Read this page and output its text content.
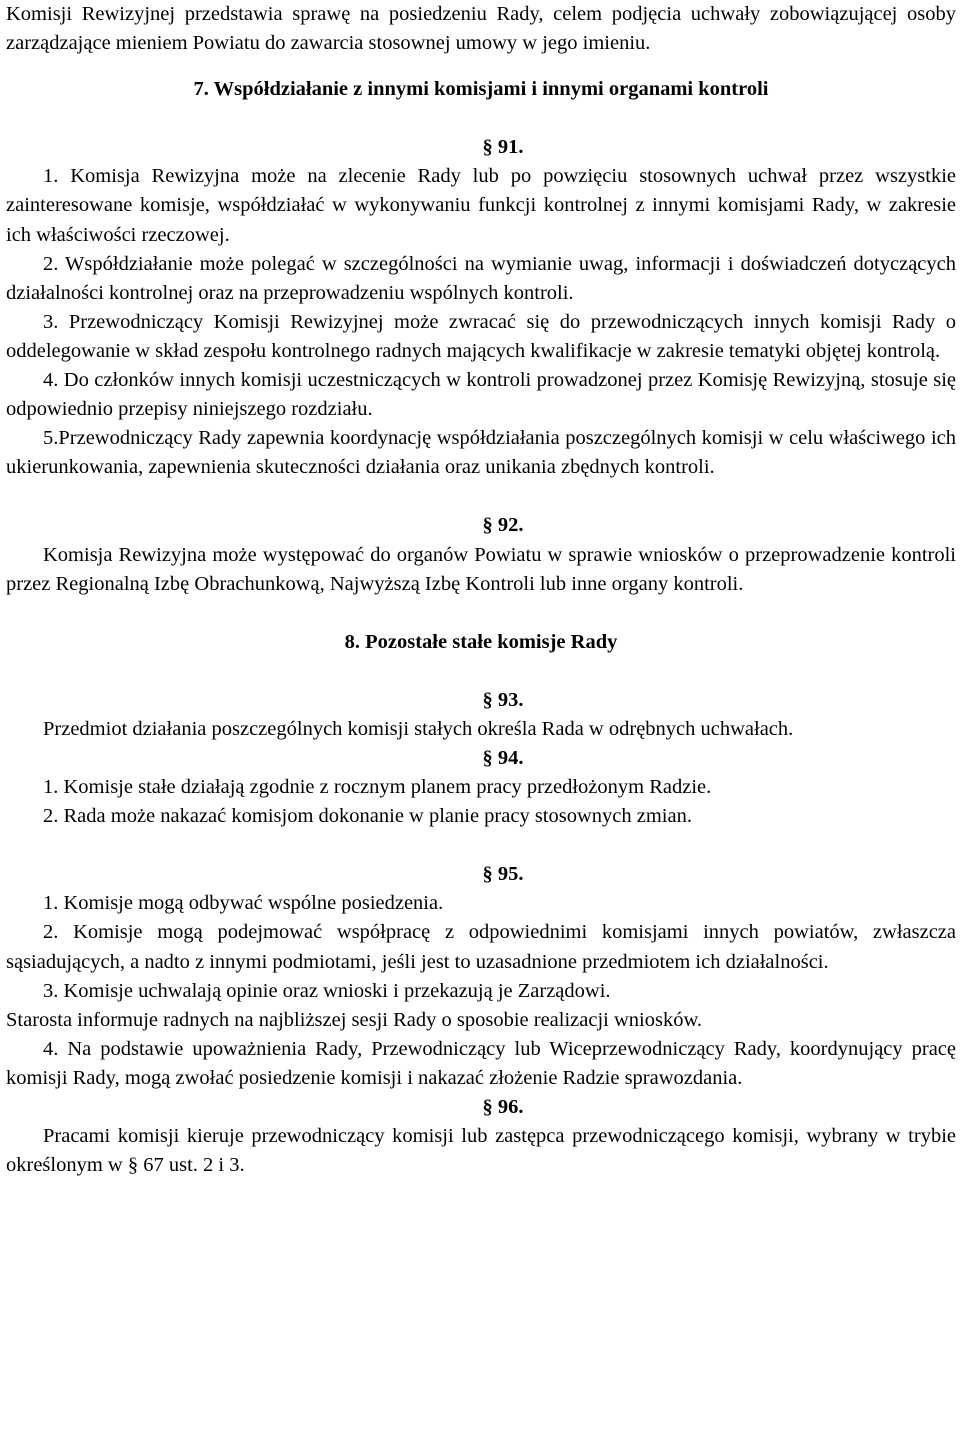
Komisji Rewizyjnej przedstawia sprawę na posiedzeniu Rady, celem podjęcia uchwały zobowiązującej osoby zarządzające mieniem Powiatu do zawarcia stosownej umowy w jego imieniu.

7. Współdziałanie z innymi komisjami i innymi organami kontroli

§ 91.

1. Komisja Rewizyjna może na zlecenie Rady lub po powzięciu stosownych uchwał przez wszystkie zainteresowane komisje, współdziałać w wykonywaniu funkcji kontrolnej z innymi komisjami Rady, w zakresie ich właściwości rzeczowej.

2. Współdziałanie może polegać w szczególności na wymianie uwag, informacji i doświadczeń dotyczących działalności kontrolnej oraz na przeprowadzeniu wspólnych kontroli.

3. Przewodniczący Komisji Rewizyjnej może zwracać się do przewodniczących innych komisji Rady o oddelegowanie w skład zespołu kontrolnego radnych mających kwalifikacje w zakresie tematyki objętej kontrolą.

4. Do członków innych komisji uczestniczących w kontroli prowadzonej przez Komisję Rewizyjną, stosuje się odpowiednio przepisy niniejszego rozdziału.

5.Przewodniczący Rady zapewnia koordynację współdziałania poszczególnych komisji w celu właściwego ich ukierunkowania, zapewnienia skuteczności działania oraz unikania zbędnych kontroli.

§ 92.

Komisja Rewizyjna może występować do organów Powiatu w sprawie wniosków o przeprowadzenie kontroli przez Regionalną Izbę Obrachunkową, Najwyższą Izbę Kontroli lub inne organy kontroli.

8. Pozostałe stałe komisje Rady

§ 93.

Przedmiot działania poszczególnych komisji stałych określa Rada w odrębnych uchwałach.

§ 94.

1. Komisje stałe działają zgodnie z rocznym planem pracy przedłożonym Radzie.

2. Rada może nakazać komisjom dokonanie w planie pracy stosownych zmian.

§ 95.

1. Komisje mogą odbywać wspólne posiedzenia.

2. Komisje mogą podejmować współpracę z odpowiednimi komisjami innych powiatów, zwłaszcza sąsiadujących, a nadto z innymi podmiotami, jeśli jest to uzasadnione przedmiotem ich działalności.

3. Komisje uchwalają opinie oraz wnioski i przekazują je Zarządowi.

Starosta informuje radnych na najbliższej sesji Rady o sposobie realizacji wniosków.

4. Na podstawie upoważnienia Rady, Przewodniczący lub Wiceprzewodniczący Rady, koordynujący pracę komisji Rady, mogą zwołać posiedzenie komisji i nakazać złożenie Radzie sprawozdania.

§ 96.

Pracami komisji kieruje przewodniczący komisji lub zastępca przewodniczącego komisji, wybrany w trybie określonym w § 67 ust. 2 i 3.
